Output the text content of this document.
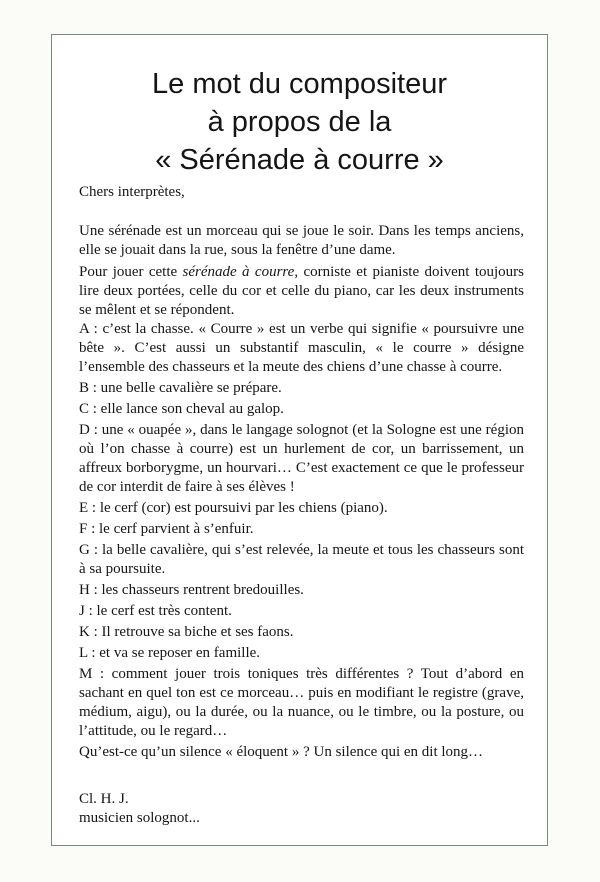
Le mot du compositeur
à propos de la
« Sérénade à courre »

Chers interprètes,

Une sérénade est un morceau qui se joue le soir. Dans les temps anciens, elle se jouait dans la rue, sous la fenêtre d’une dame.

Pour jouer cette sérénade à courre, corniste et pianiste doivent toujours lire deux portées, celle du cor et celle du piano, car les deux instruments se mêlent et se répondent.

A : c’est la chasse. « Courre » est un verbe qui signifie « poursuivre une bête ». C’est aussi un substantif masculin, « le courre » désigne l’ensemble des chasseurs et la meute des chiens d’une chasse à courre.

B : une belle cavalière se prépare.

C : elle lance son cheval au galop.

D : une « ouapée », dans le langage solognot (et la Sologne est une région où l’on chasse à courre) est un hurlement de cor, un barrissement, un affreux borborygme, un hourvari… C’est exactement ce que le professeur de cor interdit de faire à ses élèves !

E : le cerf (cor) est poursuivi par les chiens (piano).

F : le cerf parvient à s’enfuir.

G : la belle cavalière, qui s’est relevée, la meute et tous les chasseurs sont à sa poursuite.

H : les chasseurs rentrent bredouilles.

J : le cerf est très content.

K : Il retrouve sa biche et ses faons.

L : et va se reposer en famille.

M : comment jouer trois toniques très différentes ? Tout d’abord en sachant en quel ton est ce morceau… puis en modifiant le registre (grave, médium, aigu), ou la durée, ou la nuance, ou le timbre, ou la posture, ou l’attitude, ou le regard…

Qu’est-ce qu’un silence « éloquent » ? Un silence qui en dit long…

Cl. H. J.

musicien solognot...
